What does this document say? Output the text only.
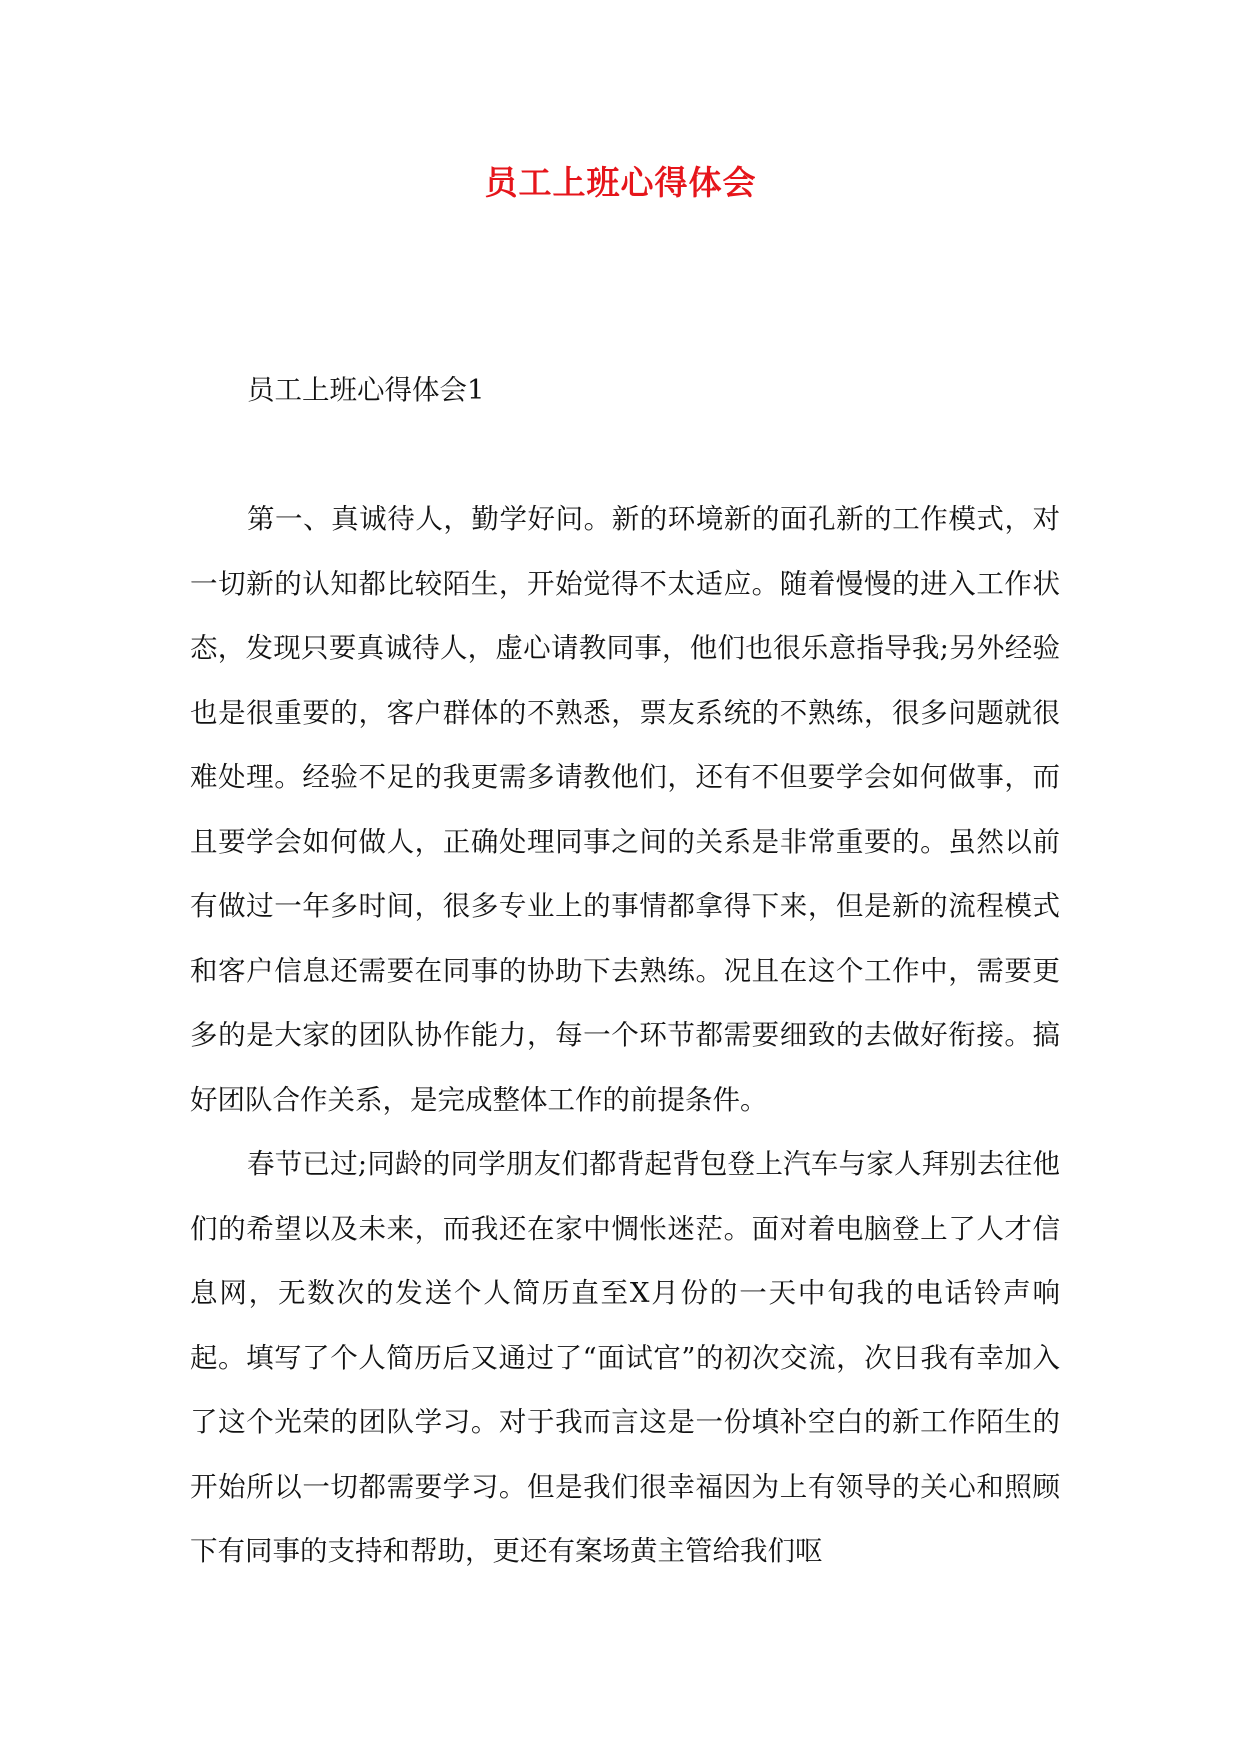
员工上班心得体会
员工上班心得体会1

第一、真诚待人，勤学好问。新的环境新的面孔新的工作模式，对一切新的认知都比较陌生，开始觉得不太适应。随着慢慢的进入工作状态，发现只要真诚待人，虚心请教同事，他们也很乐意指导我;另外经验也是很重要的，客户群体的不熟悉，票友系统的不熟练，很多问题就很难处理。经验不足的我更需多请教他们，还有不但要学会如何做事，而且要学会如何做人，正确处理同事之间的关系是非常重要的。虽然以前有做过一年多时间，很多专业上的事情都拿得下来，但是新的流程模式和客户信息还需要在同事的协助下去熟练。况且在这个工作中，需要更多的是大家的团队协作能力，每一个环节都需要细致的去做好衔接。搞好团队合作关系，是完成整体工作的前提条件。

春节已过;同龄的同学朋友们都背起背包登上汽车与家人拜别去往他们的希望以及未来，而我还在家中惆怅迷茫。面对着电脑登上了人才信息网，无数次的发送个人简历直至X月份的一天中旬我的电话铃声响起。填写了个人简历后又通过了“面试官”的初次交流，次日我有幸加入了这个光荣的团队学习。对于我而言这是一份填补空白的新工作陌生的开始所以一切都需要学习。但是我们很幸福因为上有领导的关心和照顾下有同事的支持和帮助，更还有案场黄主管给我们呕
